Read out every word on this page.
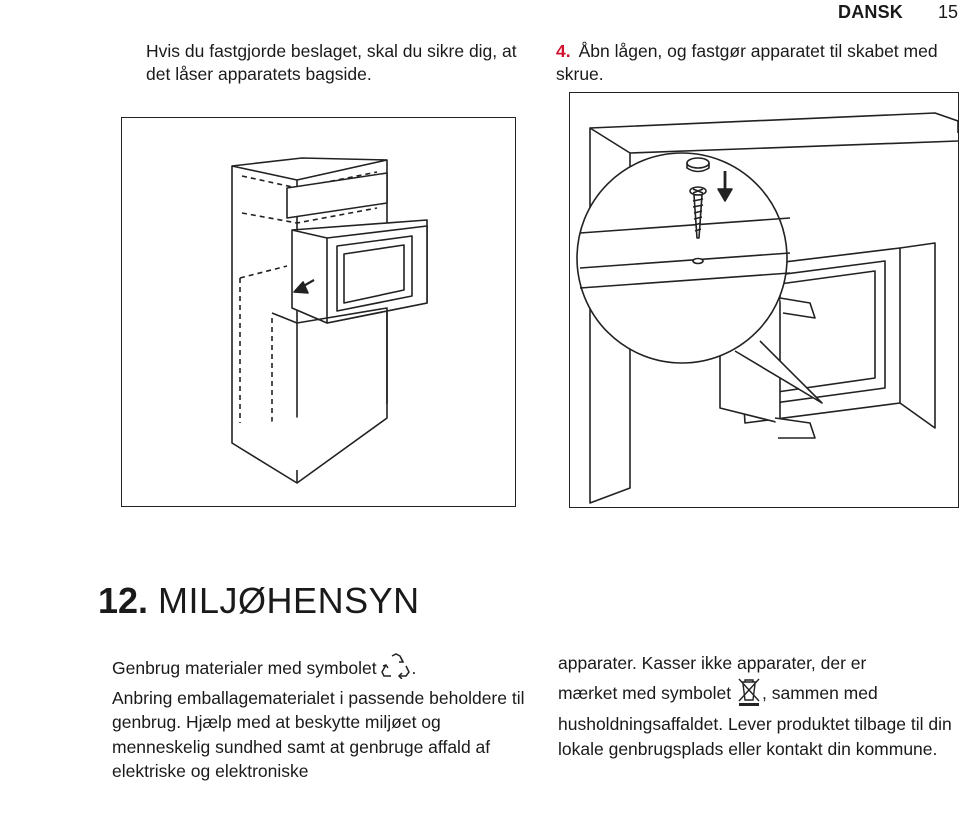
DANSK 15
Hvis du fastgjorde beslaget, skal du sikre dig, at det låser apparatets bagside.
4. Åbn lågen, og fastgør apparatet til skabet med skrue.
12. MILJØHENSYN

Genbrug materialer med symbolet .

Anbring emballagematerialet i passende beholdere til genbrug. Hjælp med at beskytte miljøet og menneskelig sundhed samt at genbruge affald af elektriske og elektroniske

apparater. Kasser ikke apparater, der er

mærket med symbolet , sammen med

husholdningsaffaldet. Lever produktet tilbage til din lokale genbrugsplads eller kontakt din kommune.
